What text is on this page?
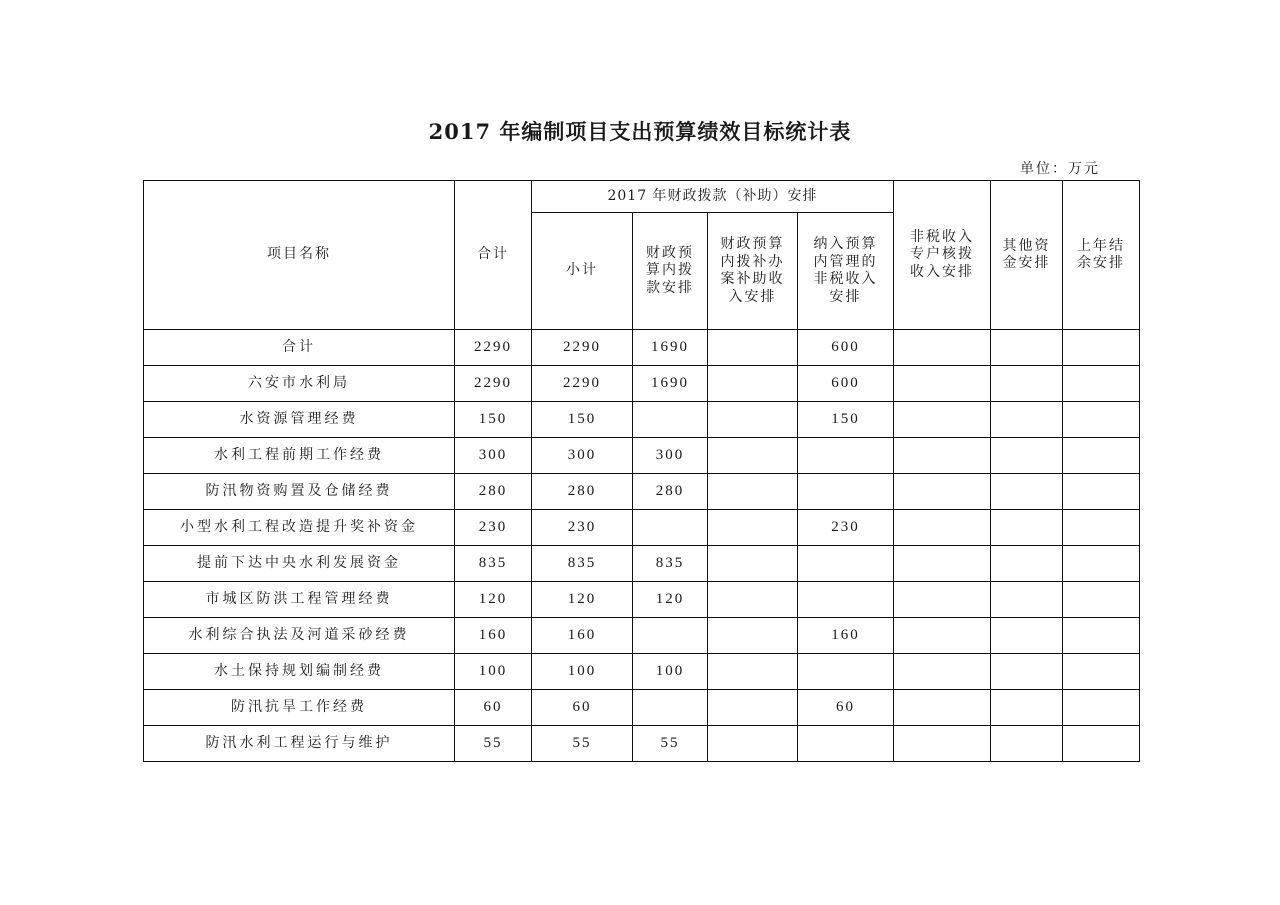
2017 年编制项目支出预算绩效目标统计表
单位：万元
项目名称	合计	2017 年财政拨款（补助）安排				非税收入专户核拨收入安排	其他资金安排	上年结余安排
		小计	财政预算内拨款安排	财政预算内拨补办案补助收入安排	纳入预算内管理的非税收入安排			
合计	2290	2290	1690		600			
六安市水利局	2290	2290	1690		600			
水资源管理经费	150	150			150			
水利工程前期工作经费	300	300	300					
防汛物资购置及仓储经费	280	280	280					
小型水利工程改造提升奖补资金	230	230			230			
提前下达中央水利发展资金	835	835	835					
市城区防洪工程管理经费	120	120	120					
水利综合执法及河道采砂经费	160	160			160			
水土保持规划编制经费	100	100	100					
防汛抗旱工作经费	60	60			60			
防汛水利工程运行与维护	55	55	55					
